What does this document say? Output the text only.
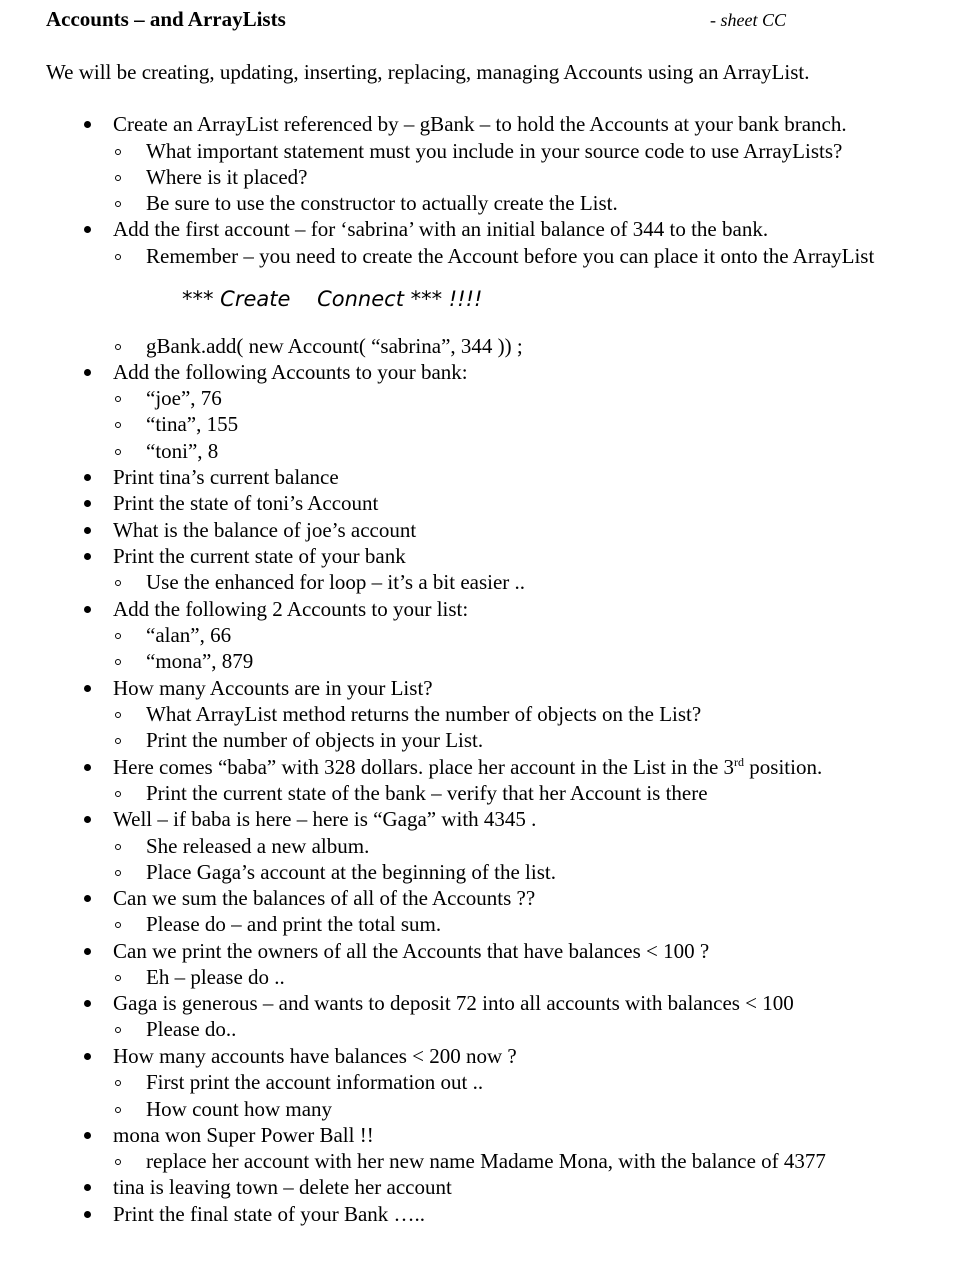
Accounts – and ArrayLists	- sheet CC
We will be creating, updating, inserting, replacing, managing Accounts using an ArrayList.
*** Create    Connect *** !!!!
Create an ArrayList referenced by – gBank – to hold the Accounts at your bank branch.
What important statement must you include in your source code to use ArrayLists?
Where is it placed?
Be sure to use the constructor to actually create the List.
Add the first account – for ‘sabrina’ with an initial balance of 344 to the bank.
Remember – you need to create the Account before you can place it onto the ArrayList
gBank.add( new Account( “sabrina”, 344 )) ;
Add the following Accounts to your bank:
“joe”, 76
“tina”, 155
“toni”, 8
Print tina’s current balance
Print the state of toni’s Account
What is the balance of joe’s account
Print the current state of your bank
Use the enhanced for loop – it’s a bit easier ..
Add the following 2 Accounts to your list:
“alan”, 66
“mona”, 879
How many Accounts are in your List?
What ArrayList method returns the number of objects on the List?
Print the number of objects in your List.
Here comes “baba” with 328 dollars. place her account in the List in the 3rd position.
Print the current state of the bank – verify that her Account is there
Well – if baba is here – here is “Gaga” with 4345 .
She released a new album.
Place Gaga’s account at the beginning of the list.
Can we sum the balances of all of the Accounts ??
Please do – and print the total sum.
Can we print the owners of all the Accounts that have balances < 100 ?
Eh – please do ..
Gaga is generous – and wants to deposit 72 into all accounts with balances < 100
Please do..
How many accounts have balances < 200 now ?
First print the account information out ..
How count how many
mona won Super Power Ball !!
replace her account with her new name Madame Mona, with the balance of 4377
tina is leaving town – delete her account
Print the final state of your Bank …..
